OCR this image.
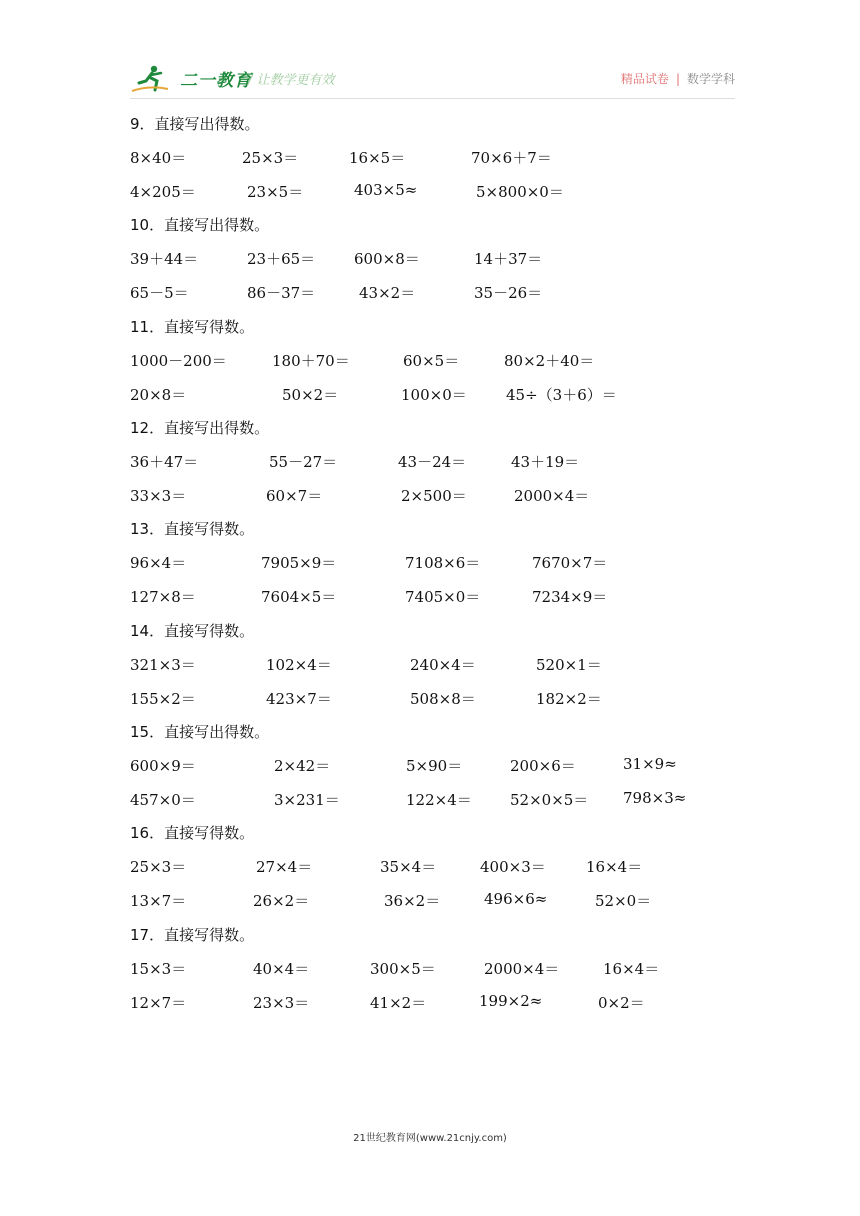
二一教育
/ 让教学更有效	精品试卷 | 数学学科
9．直接写出得数。
8×40＝	25×3＝	16×5＝	70×6＋7＝
4×205＝	23×5＝	403×5≈	5×800×0＝
10．直接写出得数。
39＋44＝	23＋65＝	600×8＝	14＋37＝
65－5＝	86－37＝	43×2＝	35－26＝
11．直接写得数。
1000－200＝	180＋70＝	60×5＝	80×2＋40＝
20×8＝	50×2＝	100×0＝	45÷（3＋6）＝
12．直接写出得数。
36＋47＝	55－27＝	43－24＝	43＋19＝
33×3＝	60×7＝	2×500＝	2000×4＝
13．直接写得数。
96×4＝	7905×9＝	7108×6＝	7670×7＝
127×8＝	7604×5＝	7405×0＝	7234×9＝
14．直接写得数。
321×3＝	102×4＝	240×4＝	520×1＝
155×2＝	423×7＝	508×8＝	182×2＝
15．直接写出得数。
600×9＝	2×42＝	5×90＝	200×6＝	31×9≈
457×0＝	3×231＝	122×4＝	52×0×5＝ 798×3≈
16．直接写得数。
25×3＝	27×4＝	35×4＝	400×3＝	16×4＝
13×7＝	26×2＝	36×2＝	496×6≈	52×0＝
17．直接写得数。
15×3＝	40×4＝	300×5＝	2000×4＝	16×4＝
12×7＝	23×3＝	41×2＝	199×2≈	0×2＝
21世纪教育网(www.21cnjy.com)
